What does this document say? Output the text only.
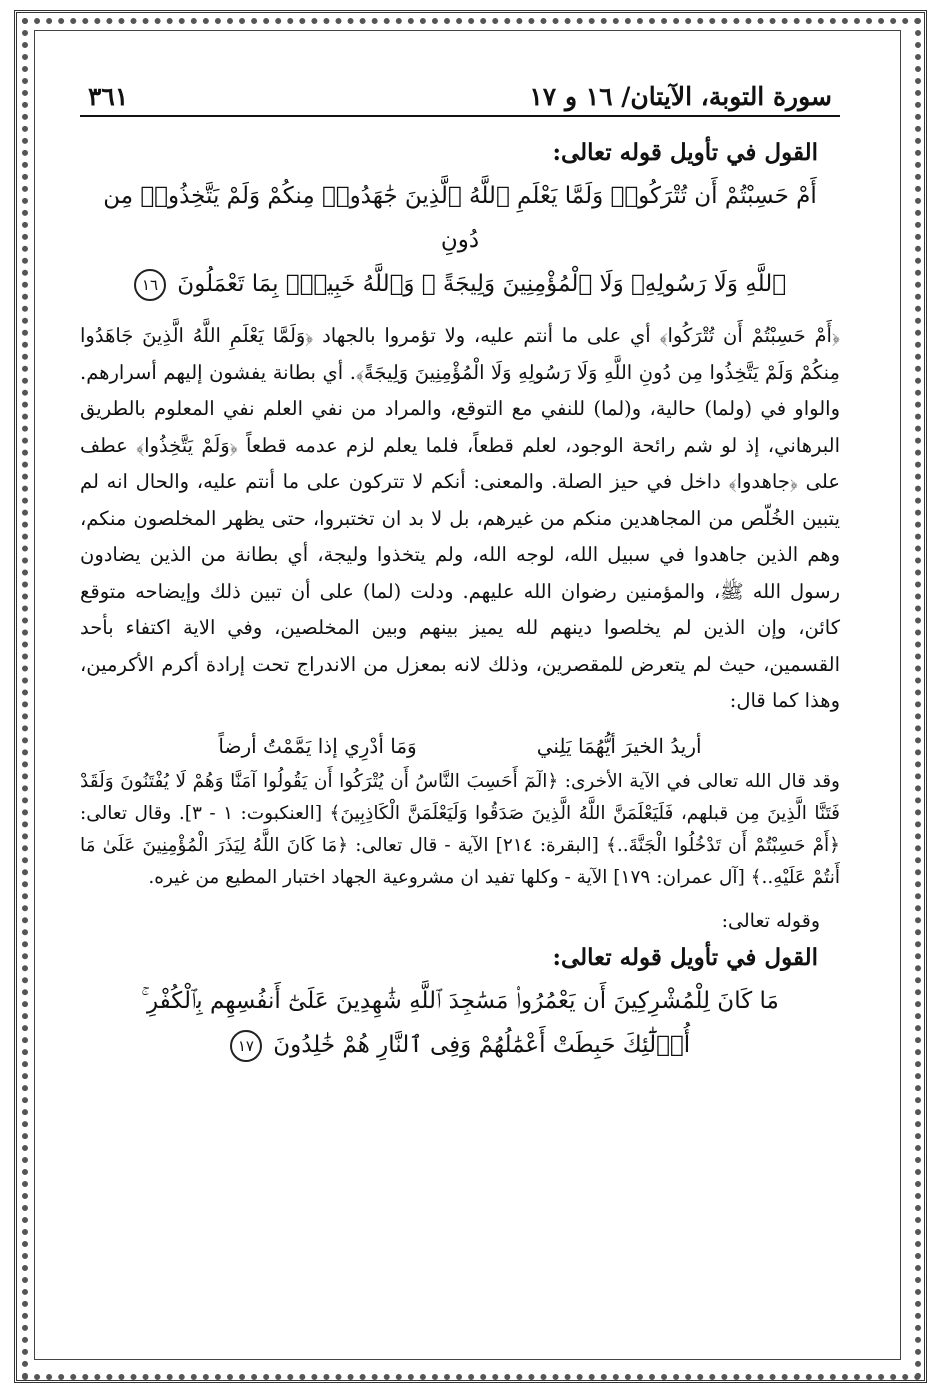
سورة التوبة، الآيتان/ ١٦ و ١٧
٣٦١
القول في تأويل قوله تعالى:
أَمْ حَسِبْتُمْ أَن تُتْرَكُوا۟ وَلَمَّا يَعْلَمِ ٱللَّهُ ٱلَّذِينَ جَٰهَدُوا۟ مِنكُمْ وَلَمْ يَتَّخِذُوا۟ مِن دُونِ
ٱللَّهِ وَلَا رَسُولِهِۦ وَلَا ٱلْمُؤْمِنِينَ وَلِيجَةً ۚ وَٱللَّهُ خَبِيرٌۢ بِمَا تَعْمَلُونَ ١٦

﴿أَمْ حَسِبْتُمْ أَن تُتْرَكُوا﴾ أي على ما أنتم عليه، ولا تؤمروا بالجهاد ﴿وَلَمَّا يَعْلَمِ اللَّهُ الَّذِينَ جَاهَدُوا مِنكُمْ وَلَمْ يَتَّخِذُوا مِن دُونِ اللَّهِ وَلَا رَسُولِهِ وَلَا الْمُؤْمِنِينَ وَلِيجَةً﴾. أي بطانة يفشون إليهم أسرارهم. والواو في (ولما) حالية، و(لما) للنفي مع التوقع، والمراد من نفي العلم نفي المعلوم بالطريق البرهاني، إذ لو شم رائحة الوجود، لعلم قطعاً، فلما يعلم لزم عدمه قطعاً ﴿وَلَمْ يَتَّخِذُوا﴾ عطف على ﴿جاهدوا﴾ داخل في حيز الصلة. والمعنى: أنكم لا تتركون على ما أنتم عليه، والحال انه لم يتبين الخُلّص من المجاهدين منكم من غيرهم، بل لا بد ان تختبروا، حتى يظهر المخلصون منكم، وهم الذين جاهدوا في سبيل الله، لوجه الله، ولم يتخذوا وليجة، أي بطانة من الذين يضادون رسول الله ﷺ، والمؤمنين رضوان الله عليهم. ودلت (لما) على أن تبين ذلك وإيضاحه متوقع كائن، وإن الذين لم يخلصوا دينهم لله يميز بينهم وبين المخلصين، وفي الاية اكتفاء بأحد القسمين، حيث لم يتعرض للمقصرين، وذلك لانه بمعزل من الاندراج تحت إرادة أكرم الأكرمين، وهذا كما قال:

أريدُ الخيرَ أيُّهُمَا يَلِني
وَمَا أدْرِي إذا يَمَّمْتُ أرضاً

وقد قال الله تعالى في الآية الأخرى: ﴿الٓمٓ أَحَسِبَ النَّاسُ أَن يُتْرَكُوا أَن يَقُولُوا آمَنَّا وَهُمْ لَا يُفْتَنُونَ وَلَقَدْ فَتَنَّا الَّذِينَ مِن قبلهم، فَلَيَعْلَمَنَّ اللَّهُ الَّذِينَ صَدَقُوا وَلَيَعْلَمَنَّ الْكَاذِبِينَ﴾ [العنكبوت: ١ - ٣]. وقال تعالى: ﴿أَمْ حَسِبْتُمْ أَن تَدْخُلُوا الْجَنَّةَ..﴾ [البقرة: ٢١٤] الآية - قال تعالى: ﴿مَا كَانَ اللَّهُ لِيَذَرَ الْمُؤْمِنِينَ عَلَىٰ مَا أَنتُمْ عَلَيْهِ..﴾ [آل عمران: ١٧٩] الآية - وكلها تفيد ان مشروعية الجهاد اختبار المطيع من غيره.

وقوله تعالى:
القول في تأويل قوله تعالى:
مَا كَانَ لِلْمُشْرِكِينَ أَن يَعْمُرُوا۟ مَسَٰجِدَ ٱللَّهِ شَٰهِدِينَ عَلَىٰٓ أَنفُسِهِم بِٱلْكُفْرِ ۚ
أُو۟لَٰٓئِكَ حَبِطَتْ أَعْمَٰلُهُمْ وَفِى ٱلنَّارِ هُمْ خَٰلِدُونَ ١٧
